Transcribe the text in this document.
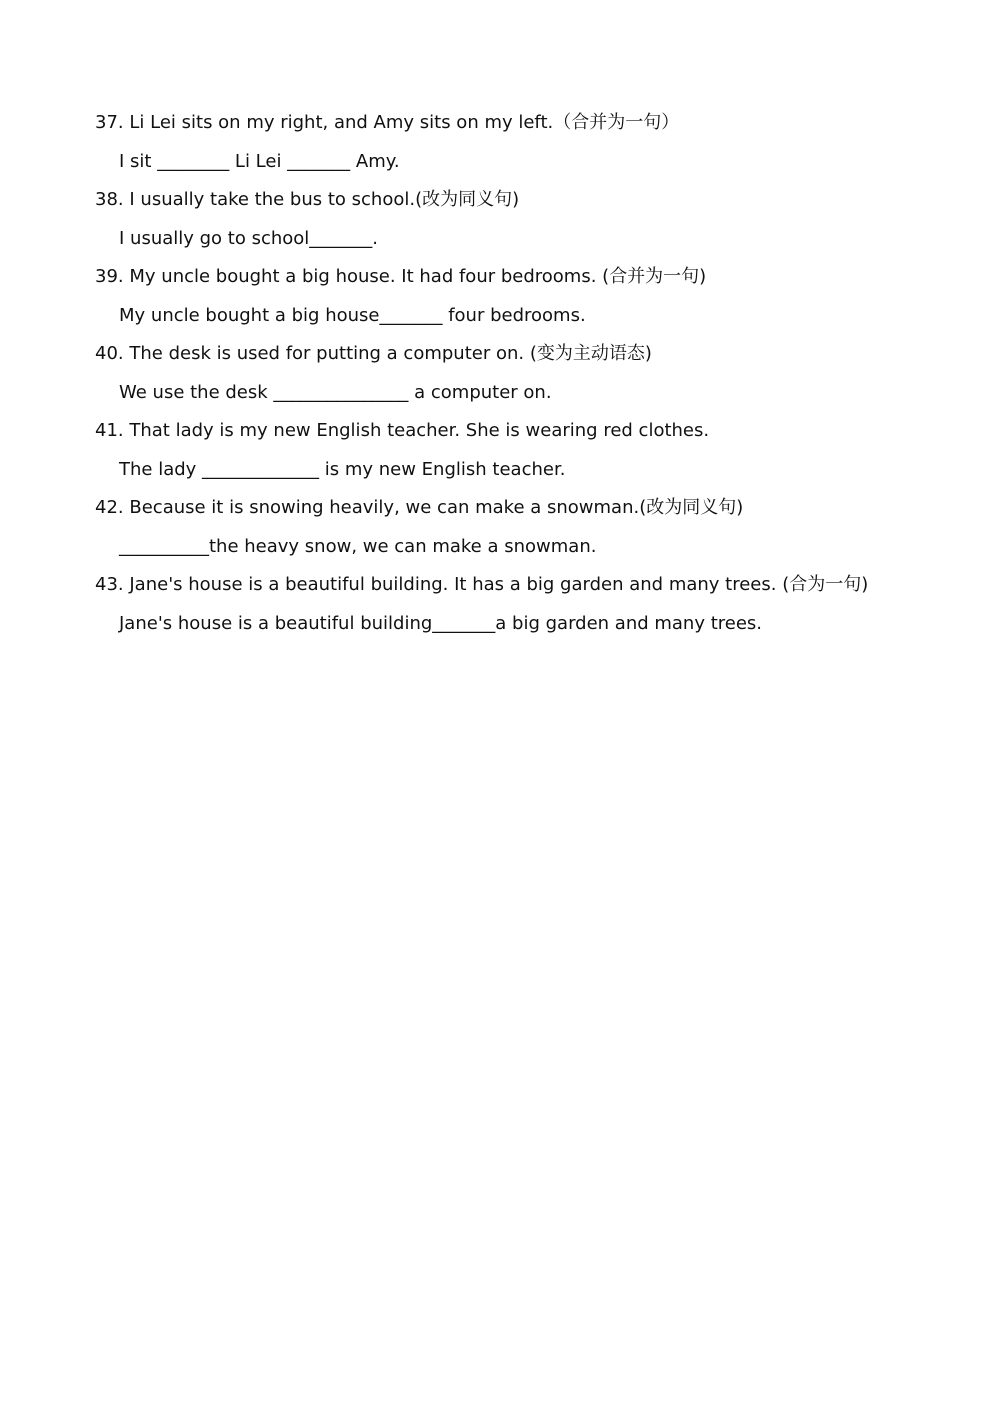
37. Li Lei sits on my right, and Amy sits on my left.（合并为一句）
I sit ________ Li Lei _______ Amy.
38. I usually take the bus to school.(改为同义句)
I usually go to school_______.
39. My uncle bought a big house. It had four bedrooms. (合并为一句)
My uncle bought a big house_______ four bedrooms.
40. The desk is used for putting a computer on. (变为主动语态)
We use the desk _______________ a computer on.
41. That lady is my new English teacher. She is wearing red clothes.
The lady _____________ is my new English teacher.
42. Because it is snowing heavily, we can make a snowman.(改为同义句)
__________the heavy snow, we can make a snowman.
43. Jane's house is a beautiful building. It has a big garden and many trees. (合为一句)
Jane's house is a beautiful building_______a big garden and many trees.
